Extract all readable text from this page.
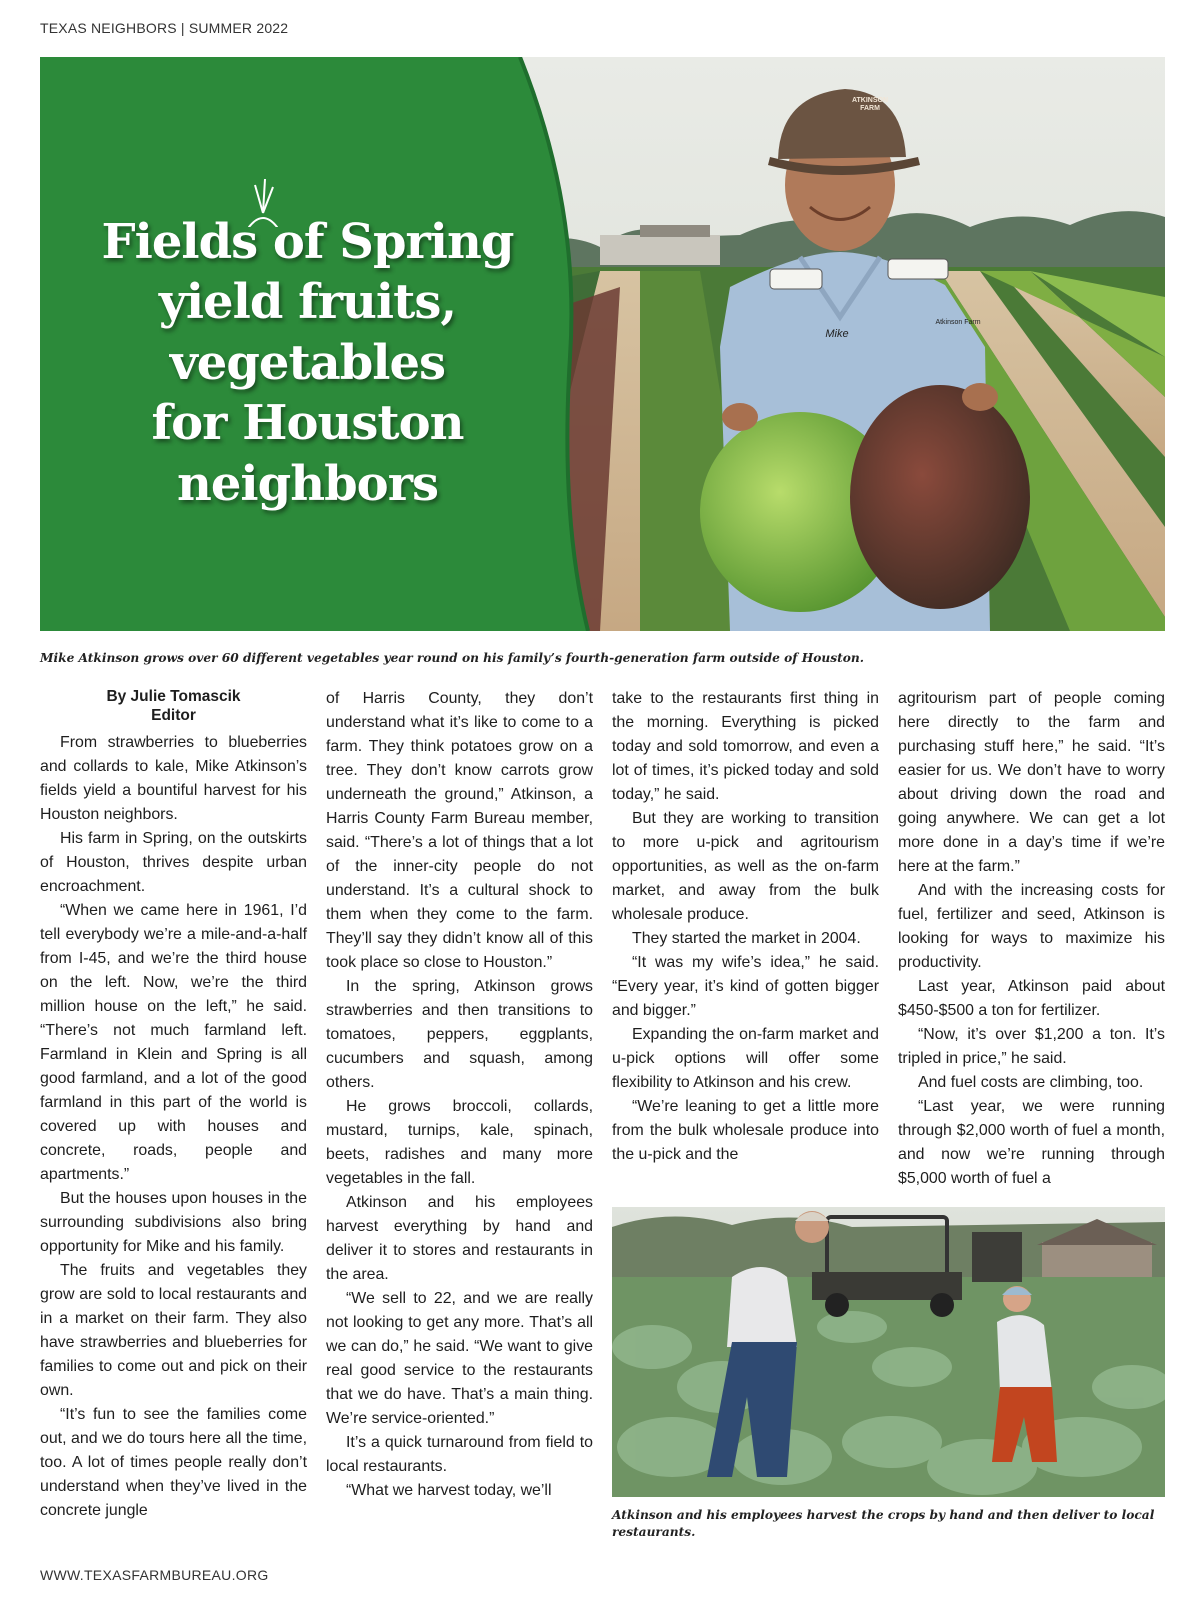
TEXAS NEIGHBORS | SUMMER 2022
Fields of Spring
yield fruits,
vegetables
for Houston
neighbors
ATKINSON FARM
Mike
Atkinson Farm
Mike Atkinson grows over 60 different vegetables year round on his family’s fourth-generation farm outside of Houston.
By Julie Tomascik
Editor

From strawberries to blueberries and collards to kale, Mike Atkinson’s fields yield a bountiful harvest for his Houston neighbors.

His farm in Spring, on the outskirts of Houston, thrives despite urban encroachment.

“When we came here in 1961, I’d tell everybody we’re a mile-and-a-half from I-45, and we’re the third house on the left. Now, we’re the third million house on the left,” he said. “There’s not much farmland left. Farmland in Klein and Spring is all good farmland, and a lot of the good farmland in this part of the world is covered up with houses and concrete, roads, people and apartments.”

But the houses upon houses in the surrounding subdivisions also bring opportunity for Mike and his family.

The fruits and vegetables they grow are sold to local restaurants and in a market on their farm. They also have strawberries and blueberries for families to come out and pick on their own.

“It’s fun to see the families come out, and we do tours here all the time, too. A lot of times people really don’t understand when they’ve lived in the concrete jungle

of Harris County, they don’t understand what it’s like to come to a farm. They think potatoes grow on a tree. They don’t know carrots grow underneath the ground,” Atkinson, a Harris County Farm Bureau member, said. “There’s a lot of things that a lot of the inner-city people do not understand. It’s a cultural shock to them when they come to the farm. They’ll say they didn’t know all of this took place so close to Houston.”

In the spring, Atkinson grows strawberries and then transitions to tomatoes, peppers, eggplants, cucumbers and squash, among others.

He grows broccoli, collards, mustard, turnips, kale, spinach, beets, radishes and many more vegetables in the fall.

Atkinson and his employees harvest everything by hand and deliver it to stores and restaurants in the area.

“We sell to 22, and we are really not looking to get any more. That’s all we can do,” he said. “We want to give real good service to the restaurants that we do have. That’s a main thing. We’re service-oriented.”

It’s a quick turnaround from field to local restaurants.

“What we harvest today, we’ll

take to the restaurants first thing in the morning. Everything is picked today and sold tomorrow, and even a lot of times, it’s picked today and sold today,” he said.

But they are working to transition to more u-pick and agritourism opportunities, as well as the on-farm market, and away from the bulk wholesale produce.

They started the market in 2004.

“It was my wife’s idea,” he said. “Every year, it’s kind of gotten bigger and bigger.”

Expanding the on-farm market and u-pick options will offer some flexibility to Atkinson and his crew.

“We’re leaning to get a little more from the bulk wholesale produce into the u-pick and the

agritourism part of people coming here directly to the farm and purchasing stuff here,” he said. “It’s easier for us. We don’t have to worry about driving down the road and going anywhere. We can get a lot more done in a day’s time if we’re here at the farm.”

And with the increasing costs for fuel, fertilizer and seed, Atkinson is looking for ways to maximize his productivity.

Last year, Atkinson paid about $450-$500 a ton for fertilizer.

“Now, it’s over $1,200 a ton. It’s tripled in price,” he said.

And fuel costs are climbing, too.

“Last year, we were running through $2,000 worth of fuel a month, and now we’re running through $5,000 worth of fuel a

Atkinson and his employees harvest the crops by hand and then deliver to local restaurants.
WWW.TEXASFARMBUREAU.ORG
